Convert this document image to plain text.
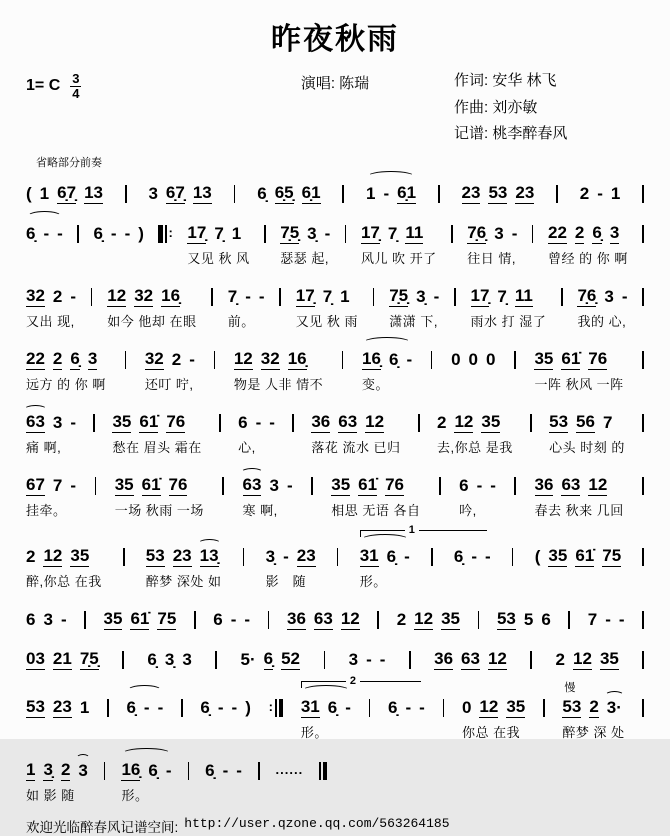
昨夜秋雨
1= C $\frac{3}{4}$	演唱: 陈瑞	作词: 安华 林飞
作曲: 刘亦敏
记谱: 桃李醉春风
省略部分前奏
( 1 6̣7̣ 13	3 6̣7̣ 13	6̣ 6̣5̣ 6̣1	1 - 6̣1	23 53 23	2 - 1
6̣ - - 6̣ - - ) : 17̣ 7̣ 1
又见 秋 风
7̣5̣ 3̣ -
瑟瑟 起,
17̣ 7̣ 11
风儿 吹 开了
7̣6̣ 3 -
往日 情,
22 2 6̣ 3
曾经 的 你 啊
32 2 -
又出 现,
12 32 16̣
如今 他却 在眼
7̣ - -
前。
17̣ 7̣ 1
又见 秋 雨
7̣5̣ 3̣ -
潇潇 下,
17̣ 7̣ 11
雨水 打 湿了
7̣6̣ 3 -
我的 心,
22 2 6̣ 3
远方 的 你 啊
32 2 -
还叮 咛,
12 32 16̣
物是 人非 情不
16̣ 6̣ -
变。
0 0 0 35 61̇ 76
一阵 秋风 一阵
63 3 -
痛 啊,
35 61̇ 76
愁在 眉头 霜在
6 - -
心,
36 63 12
落花 流水 已归
2 12 35
去,你总 是我
53 56 7
心头 时刻 的
67 7 -
挂牵。
35 61̇ 76
一场 秋雨 一场
63 3 -
寒 啊,
35 61̇ 76
相思 无语 各自
6 - -
吟,
36 63 12
春去 秋来 几回
2 12 35
醉,你总 在我
53 23 13̣
醉梦 深处 如
3̣ - 23
影　随
1
31 6̣ -
形。
6̣ - -	( 35 61̇ 75
6 3 - 35 61̇ 75 6 - - 36 63 12 2 12 35 53 5 6 7 - -
03 21 7̣5̣	6̣ 3̣ 3	5· 6̣ 52	3 - -	36 63 12	2 12 35
53 23 1 6̣ - - 6̣ - - ) :
2
31 6̣ -
形。
6̣ - - 0 12 35
你总 在我
慢
53 2 3·
醉梦 深 处
1 3̣ 2 3
如 影 随
16̣ 6̣ -
形。
6̣ - -	......
欢迎光临醉春风记谱空间: http://user.qzone.qq.com/563264185
